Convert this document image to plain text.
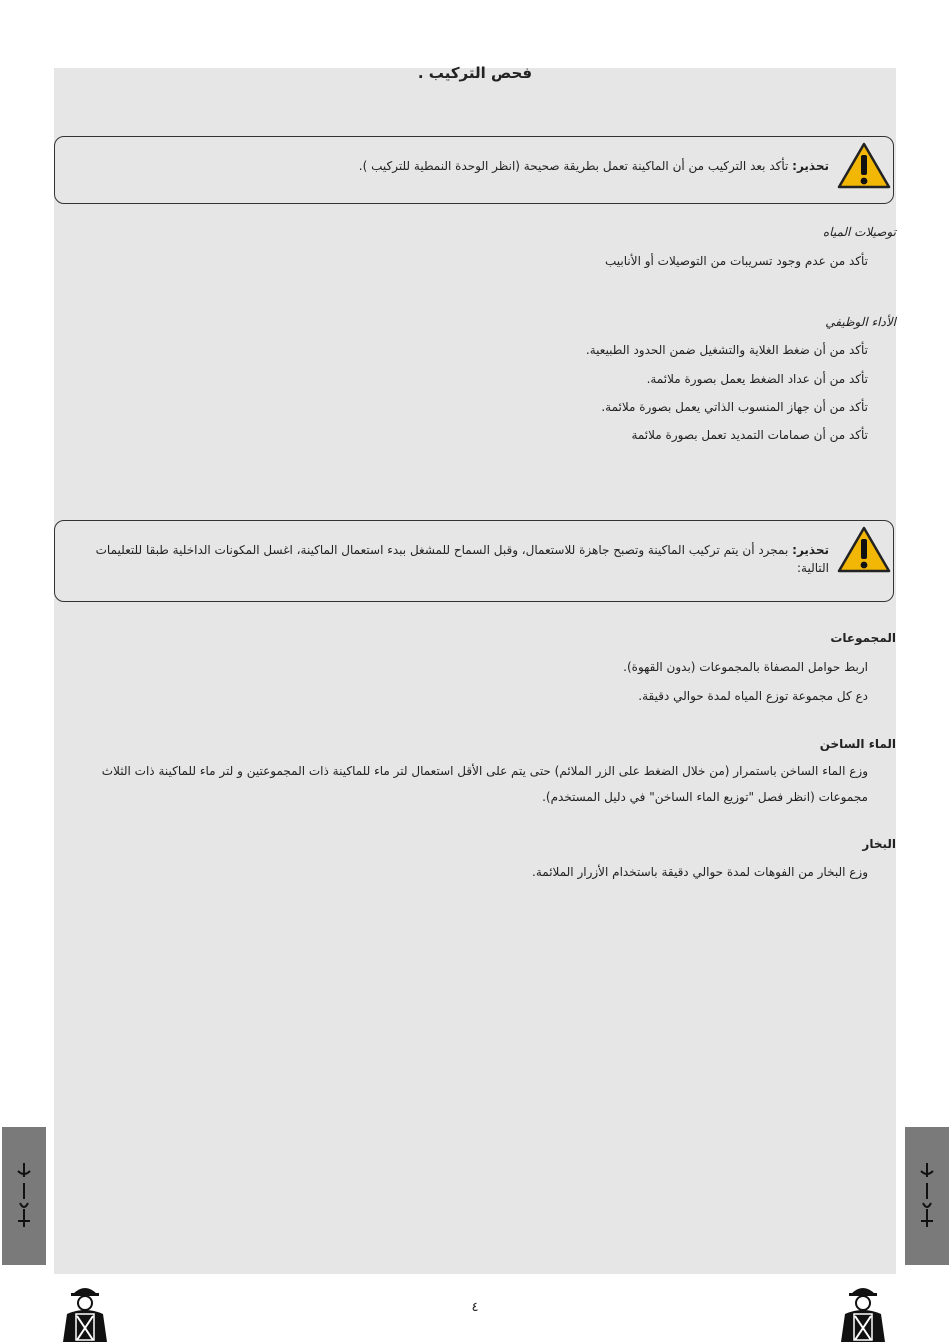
فحص التركيب .
تحذير: تأكد بعد التركيب من أن الماكينة تعمل بطريقة صحيحة (انظر الوحدة النمطية للتركيب ).
توصيلات المياه
تأكد من عدم وجود تسريبات من التوصيلات أو الأنابيب
الأداء الوظيفي
تأكد من أن ضغط الغلاية والتشغيل ضمن الحدود الطبيعية.
تأكد من أن عداد الضغط يعمل بصورة ملائمة.
تأكد من أن جهاز المنسوب الذاتي يعمل بصورة ملائمة.
تأكد من أن صمامات التمديد تعمل بصورة ملائمة
تحذير: بمجرد أن يتم تركيب الماكينة وتصبح جاهزة للاستعمال، وقبل السماح للمشغل ببدء استعمال الماكينة، اغسل المكونات الداخلية طبقا للتعليمات التالية:
المجموعات
اربط حوامل المصفاة بالمجموعات (بدون القهوة).
دع كل مجموعة توزع المياه لمدة حوالي دقيقة.
الماء الساخن
وزع الماء الساخن باستمرار (من خلال الضغط على الزر الملائم) حتى يتم على الأقل استعمال لتر ماء للماكينة ذات المجموعتين و لتر ماء للماكينة ذات الثلاث مجموعات (انظر فصل "توزيع الماء الساخن" في دليل المستخدم).
البخار
وزع البخار من الفوهات لمدة حوالي دقيقة باستخدام الأزرار الملائمة.
٤
